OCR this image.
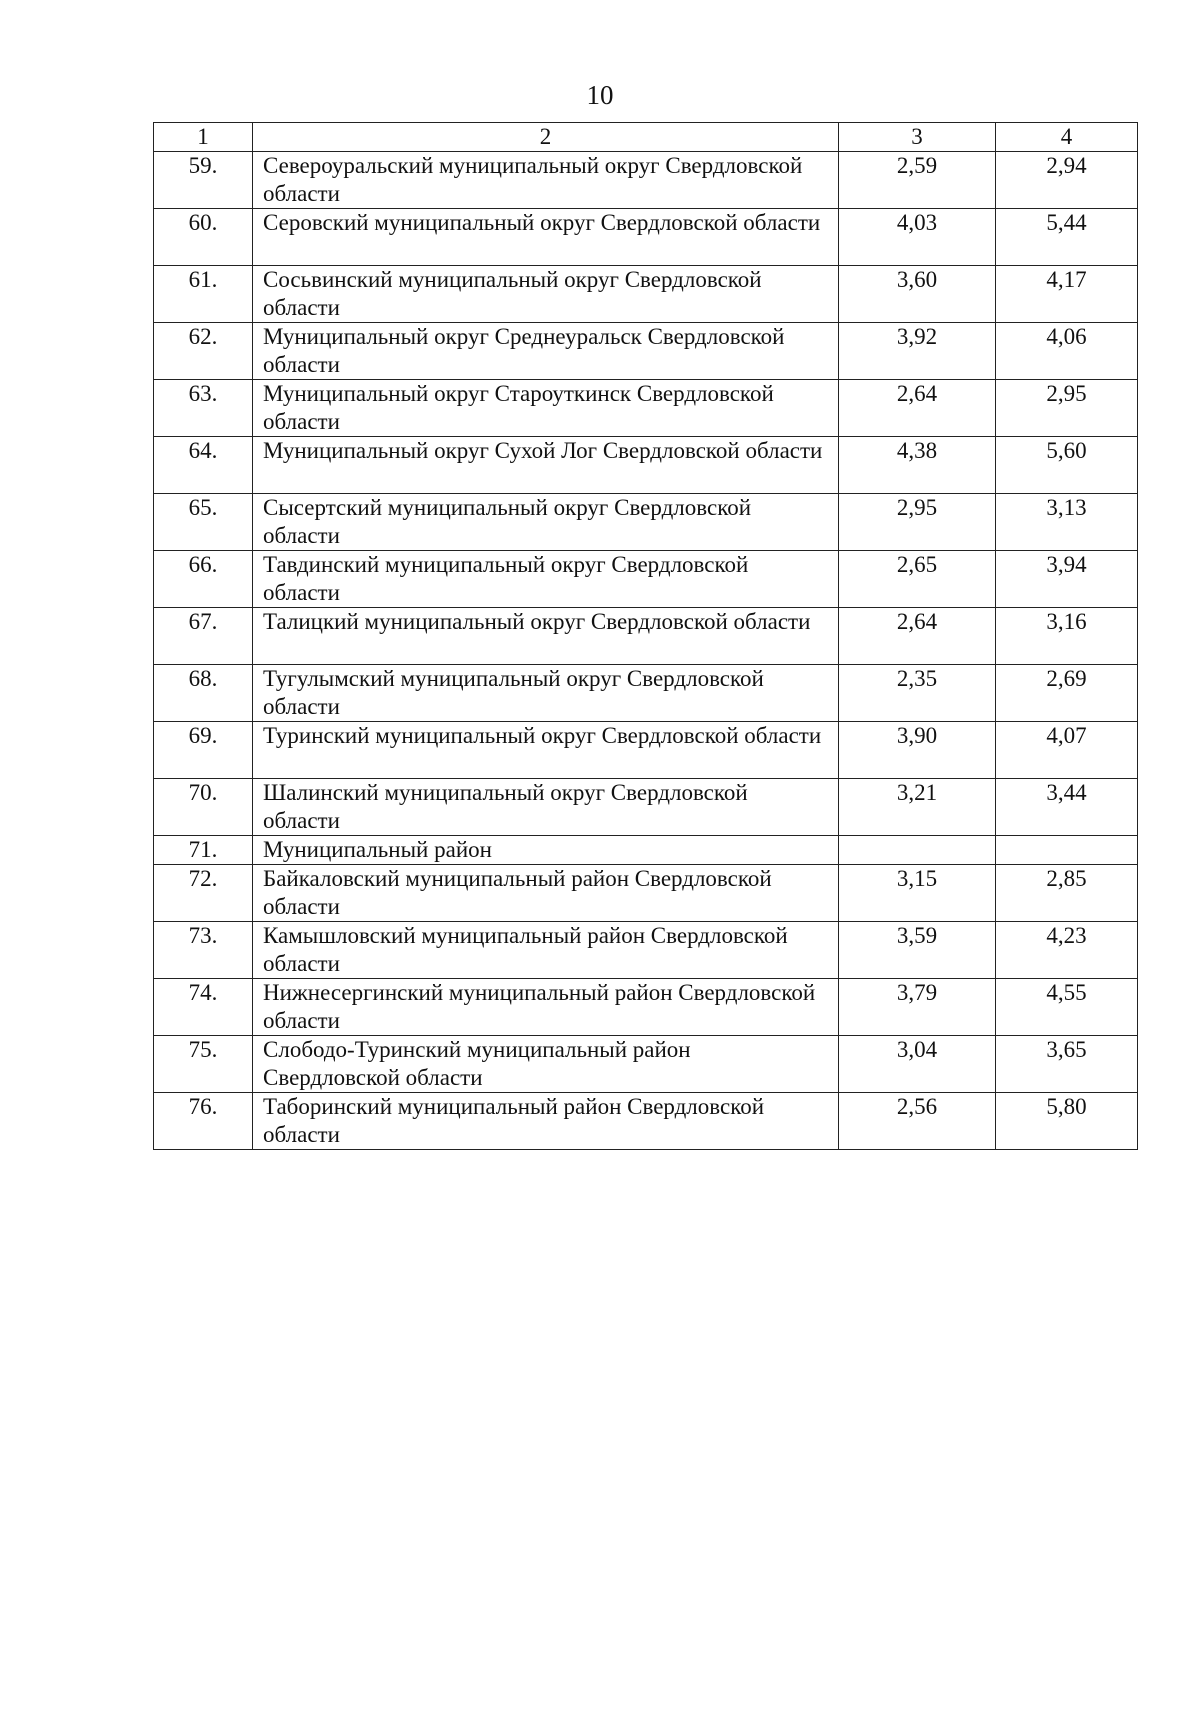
10
1	2	3	4
59.	Североуральский муниципальный округ Свердловской области	2,59	2,94
60.	Серовский муниципальный округ Свердловской области	4,03	5,44
61.	Сосьвинский муниципальный округ Свердловской области	3,60	4,17
62.	Муниципальный округ Среднеуральск Свердловской области	3,92	4,06
63.	Муниципальный округ Староуткинск Свердловской области	2,64	2,95
64.	Муниципальный округ Сухой Лог Свердловской области	4,38	5,60
65.	Сысертский муниципальный округ Свердловской области	2,95	3,13
66.	Тавдинский муниципальный округ Свердловской области	2,65	3,94
67.	Талицкий муниципальный округ Свердловской области	2,64	3,16
68.	Тугулымский муниципальный округ Свердловской области	2,35	2,69
69.	Туринский муниципальный округ Свердловской области	3,90	4,07
70.	Шалинский муниципальный округ Свердловской области	3,21	3,44
71.	Муниципальный район		
72.	Байкаловский муниципальный район Свердловской области	3,15	2,85
73.	Камышловский муниципальный район Свердловской области	3,59	4,23
74.	Нижнесергинский муниципальный район Свердловской области	3,79	4,55
75.	Слободо-Туринский муниципальный район Свердловской области	3,04	3,65
76.	Таборинский муниципальный район Свердловской области	2,56	5,80
